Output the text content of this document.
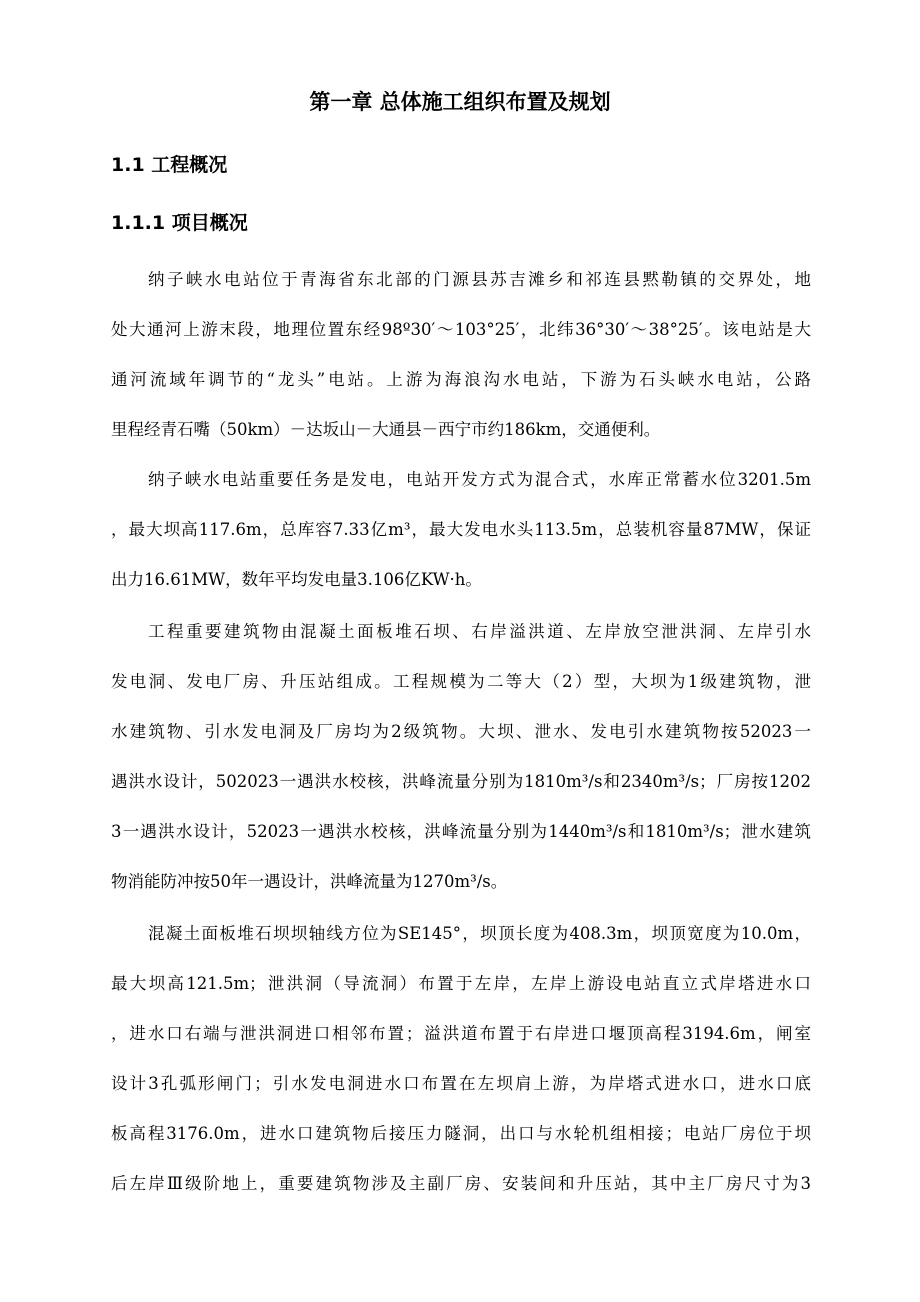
第一章 总体施工组织布置及规划
1.1 工程概况
1.1.1 项目概况

纳子峡水电站位于青海省东北部的门源县苏吉滩乡和祁连县黙勒镇的交界处，地

处大通河上游末段，地理位置东经98º30′～103°25′，北纬36°30′～38°25′。该电站是大

通河流域年调节的“龙头”电站。上游为海浪沟水电站，下游为石头峡水电站，公路

里程经青石嘴（50km）－达坂山－大通县－西宁市约186km，交通便利。

纳子峡水电站重要任务是发电，电站开发方式为混合式，水库正常蓄水位3201.5m

，最大坝高117.6m，总库容7.33亿m³，最大发电水头113.5m，总装机容量87MW，保证

出力16.61MW，数年平均发电量3.106亿KW·h。

工程重要建筑物由混凝土面板堆石坝、右岸溢洪道、左岸放空泄洪洞、左岸引水

发电洞、发电厂房、升压站组成。工程规模为二等大（2）型，大坝为1级建筑物，泄

水建筑物、引水发电洞及厂房均为2级筑物。大坝、泄水、发电引水建筑物按52023一

遇洪水设计，502023一遇洪水校核，洪峰流量分别为1810m³/s和2340m³/s；厂房按1202

3一遇洪水设计，52023一遇洪水校核，洪峰流量分别为1440m³/s和1810m³/s；泄水建筑

物消能防冲按50年一遇设计，洪峰流量为1270m³/s。

混凝土面板堆石坝坝轴线方位为SE145°，坝顶长度为408.3m，坝顶宽度为10.0m，

最大坝高121.5m；泄洪洞（导流洞）布置于左岸，左岸上游设电站直立式岸塔进水口

，进水口右端与泄洪洞进口相邻布置；溢洪道布置于右岸进口堰顶高程3194.6m，闸室

设计3孔弧形闸门；引水发电洞进水口布置在左坝肩上游，为岸塔式进水口，进水口底

板高程3176.0m，进水口建筑物后接压力隧洞，出口与水轮机组相接；电站厂房位于坝

后左岸Ⅲ级阶地上，重要建筑物涉及主副厂房、安装间和升压站，其中主厂房尺寸为3
